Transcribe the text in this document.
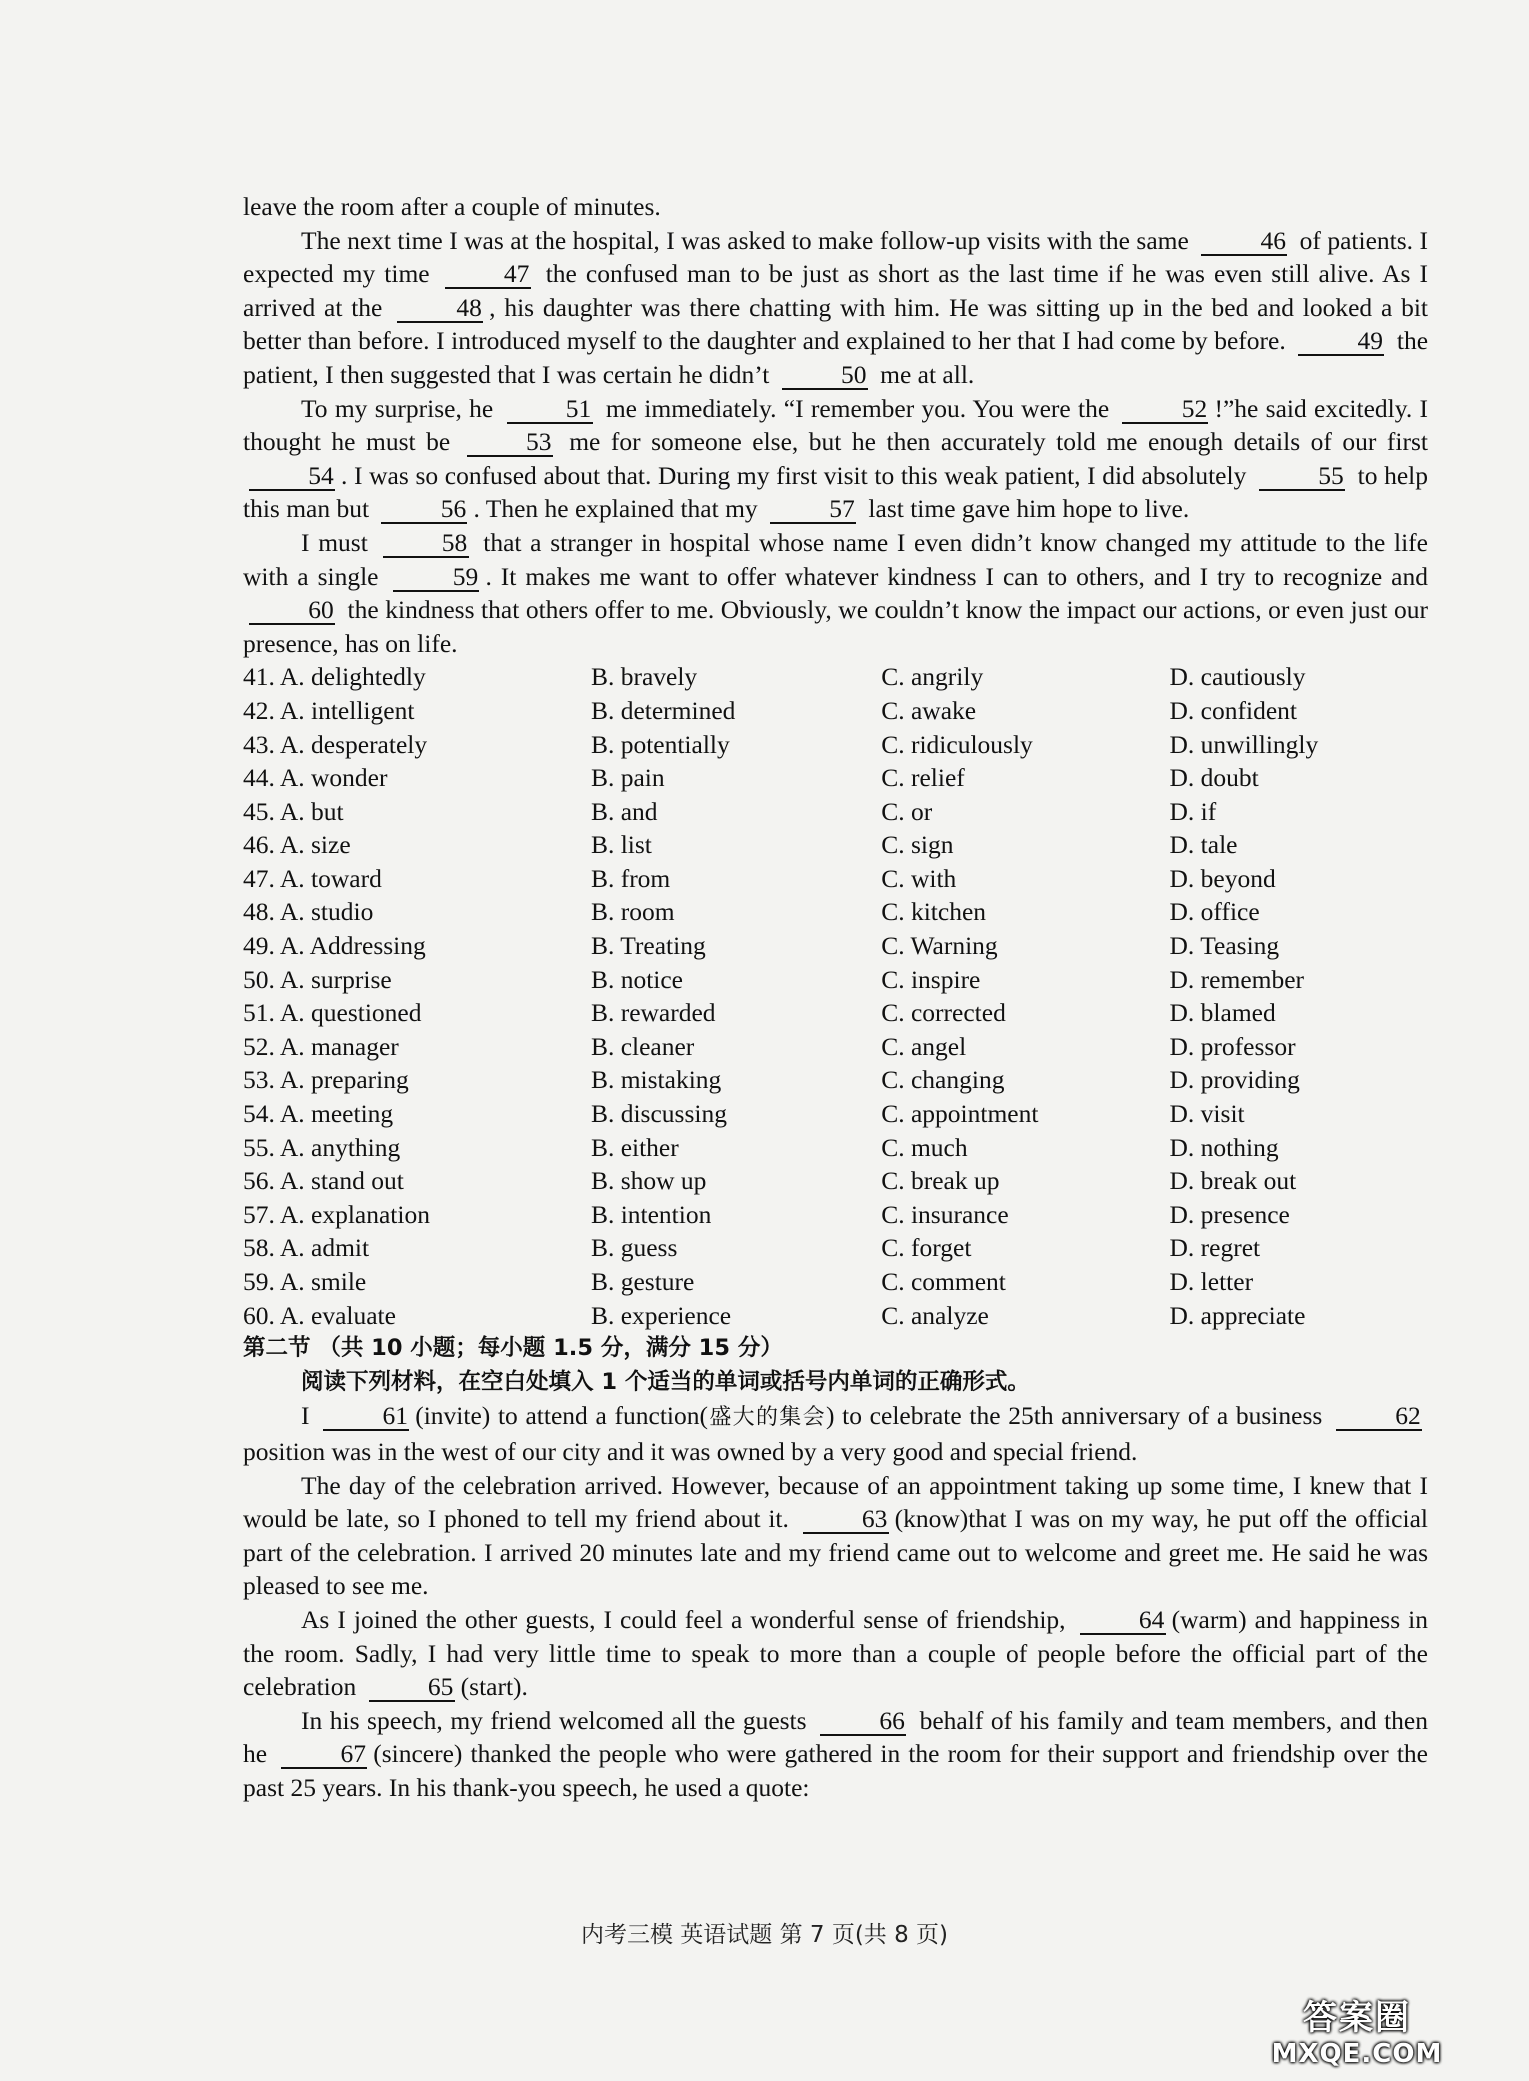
leave the room after a couple of minutes.

The next time I was at the hospital, I was asked to make follow-up visits with the same	46 of patients. I expected my time	47 the confused man to be just as short as the last time if he was even still alive. As I arrived at the	48 , his daughter was there chatting with him. He was sitting up in the bed and looked a bit better than before. I introduced myself to the daughter and explained to her that I had come by before.	49 the patient, I then suggested that I was certain he didn’t	50 me at all.

To my surprise, he	51 me immediately. “I remember you. You were the	52 !”he said excitedly. I thought he must be	53 me for someone else, but he then accurately told me enough details of our first 54 . I was so confused about that. During my first visit to this weak patient, I did absolutely	55 to help this man but	56 . Then he explained that my	57 last time gave him hope to live.

I must	58 that a stranger in hospital whose name I even didn’t know changed my attitude to the life with a single	59 . It makes me want to offer whatever kindness I can to others, and I try to recognize and 60 the kindness that others offer to me. Obviously, we couldn’t know the impact our actions, or even just our presence, has on life.

41. A. delightedly	B. bravely	C. angrily	D. cautiously
42. A. intelligent	B. determined	C. awake	D. confident
43. A. desperately	B. potentially	C. ridiculously	D. unwillingly
44. A. wonder	B. pain	C. relief	D. doubt
45. A. but	B. and	C. or	D. if
46. A. size	B. list	C. sign	D. tale
47. A. toward	B. from	C. with	D. beyond
48. A. studio	B. room	C. kitchen	D. office
49. A. Addressing	B. Treating	C. Warning	D. Teasing
50. A. surprise	B. notice	C. inspire	D. remember
51. A. questioned	B. rewarded	C. corrected	D. blamed
52. A. manager	B. cleaner	C. angel	D. professor
53. A. preparing	B. mistaking	C. changing	D. providing
54. A. meeting	B. discussing	C. appointment	D. visit
55. A. anything	B. either	C. much	D. nothing
56. A. stand out	B. show up	C. break up	D. break out
57. A. explanation	B. intention	C. insurance	D. presence
58. A. admit	B. guess	C. forget	D. regret
59. A. smile	B. gesture	C. comment	D. letter
60. A. evaluate	B. experience	C. analyze	D. appreciate

第二节 （共 10 小题；每小题 1.5 分，满分 15 分）

阅读下列材料，在空白处填入 1 个适当的单词或括号内单词的正确形式。

I	61 (invite) to attend a function(盛大的集会) to celebrate the 25th anniversary of a business	62 position was in the west of our city and it was owned by a very good and special friend.

The day of the celebration arrived. However, because of an appointment taking up some time, I knew that I would be late, so I phoned to tell my friend about it.	63 (know)that I was on my way, he put off the official part of the celebration. I arrived 20 minutes late and my friend came out to welcome and greet me. He said he was pleased to see me.

As I joined the other guests, I could feel a wonderful sense of friendship,	64 (warm) and happiness in the room. Sadly, I had very little time to speak to more than a couple of people before the official part of the celebration	65 (start).

In his speech, my friend welcomed all the guests	66 behalf of his family and team members, and then he	67 (sincere) thanked the people who were gathered in the room for their support and friendship over the past 25 years. In his thank-you speech, he used a quote:

内考三模 英语试题 第 7 页(共 8 页)
答案圈
MXQE.COM
